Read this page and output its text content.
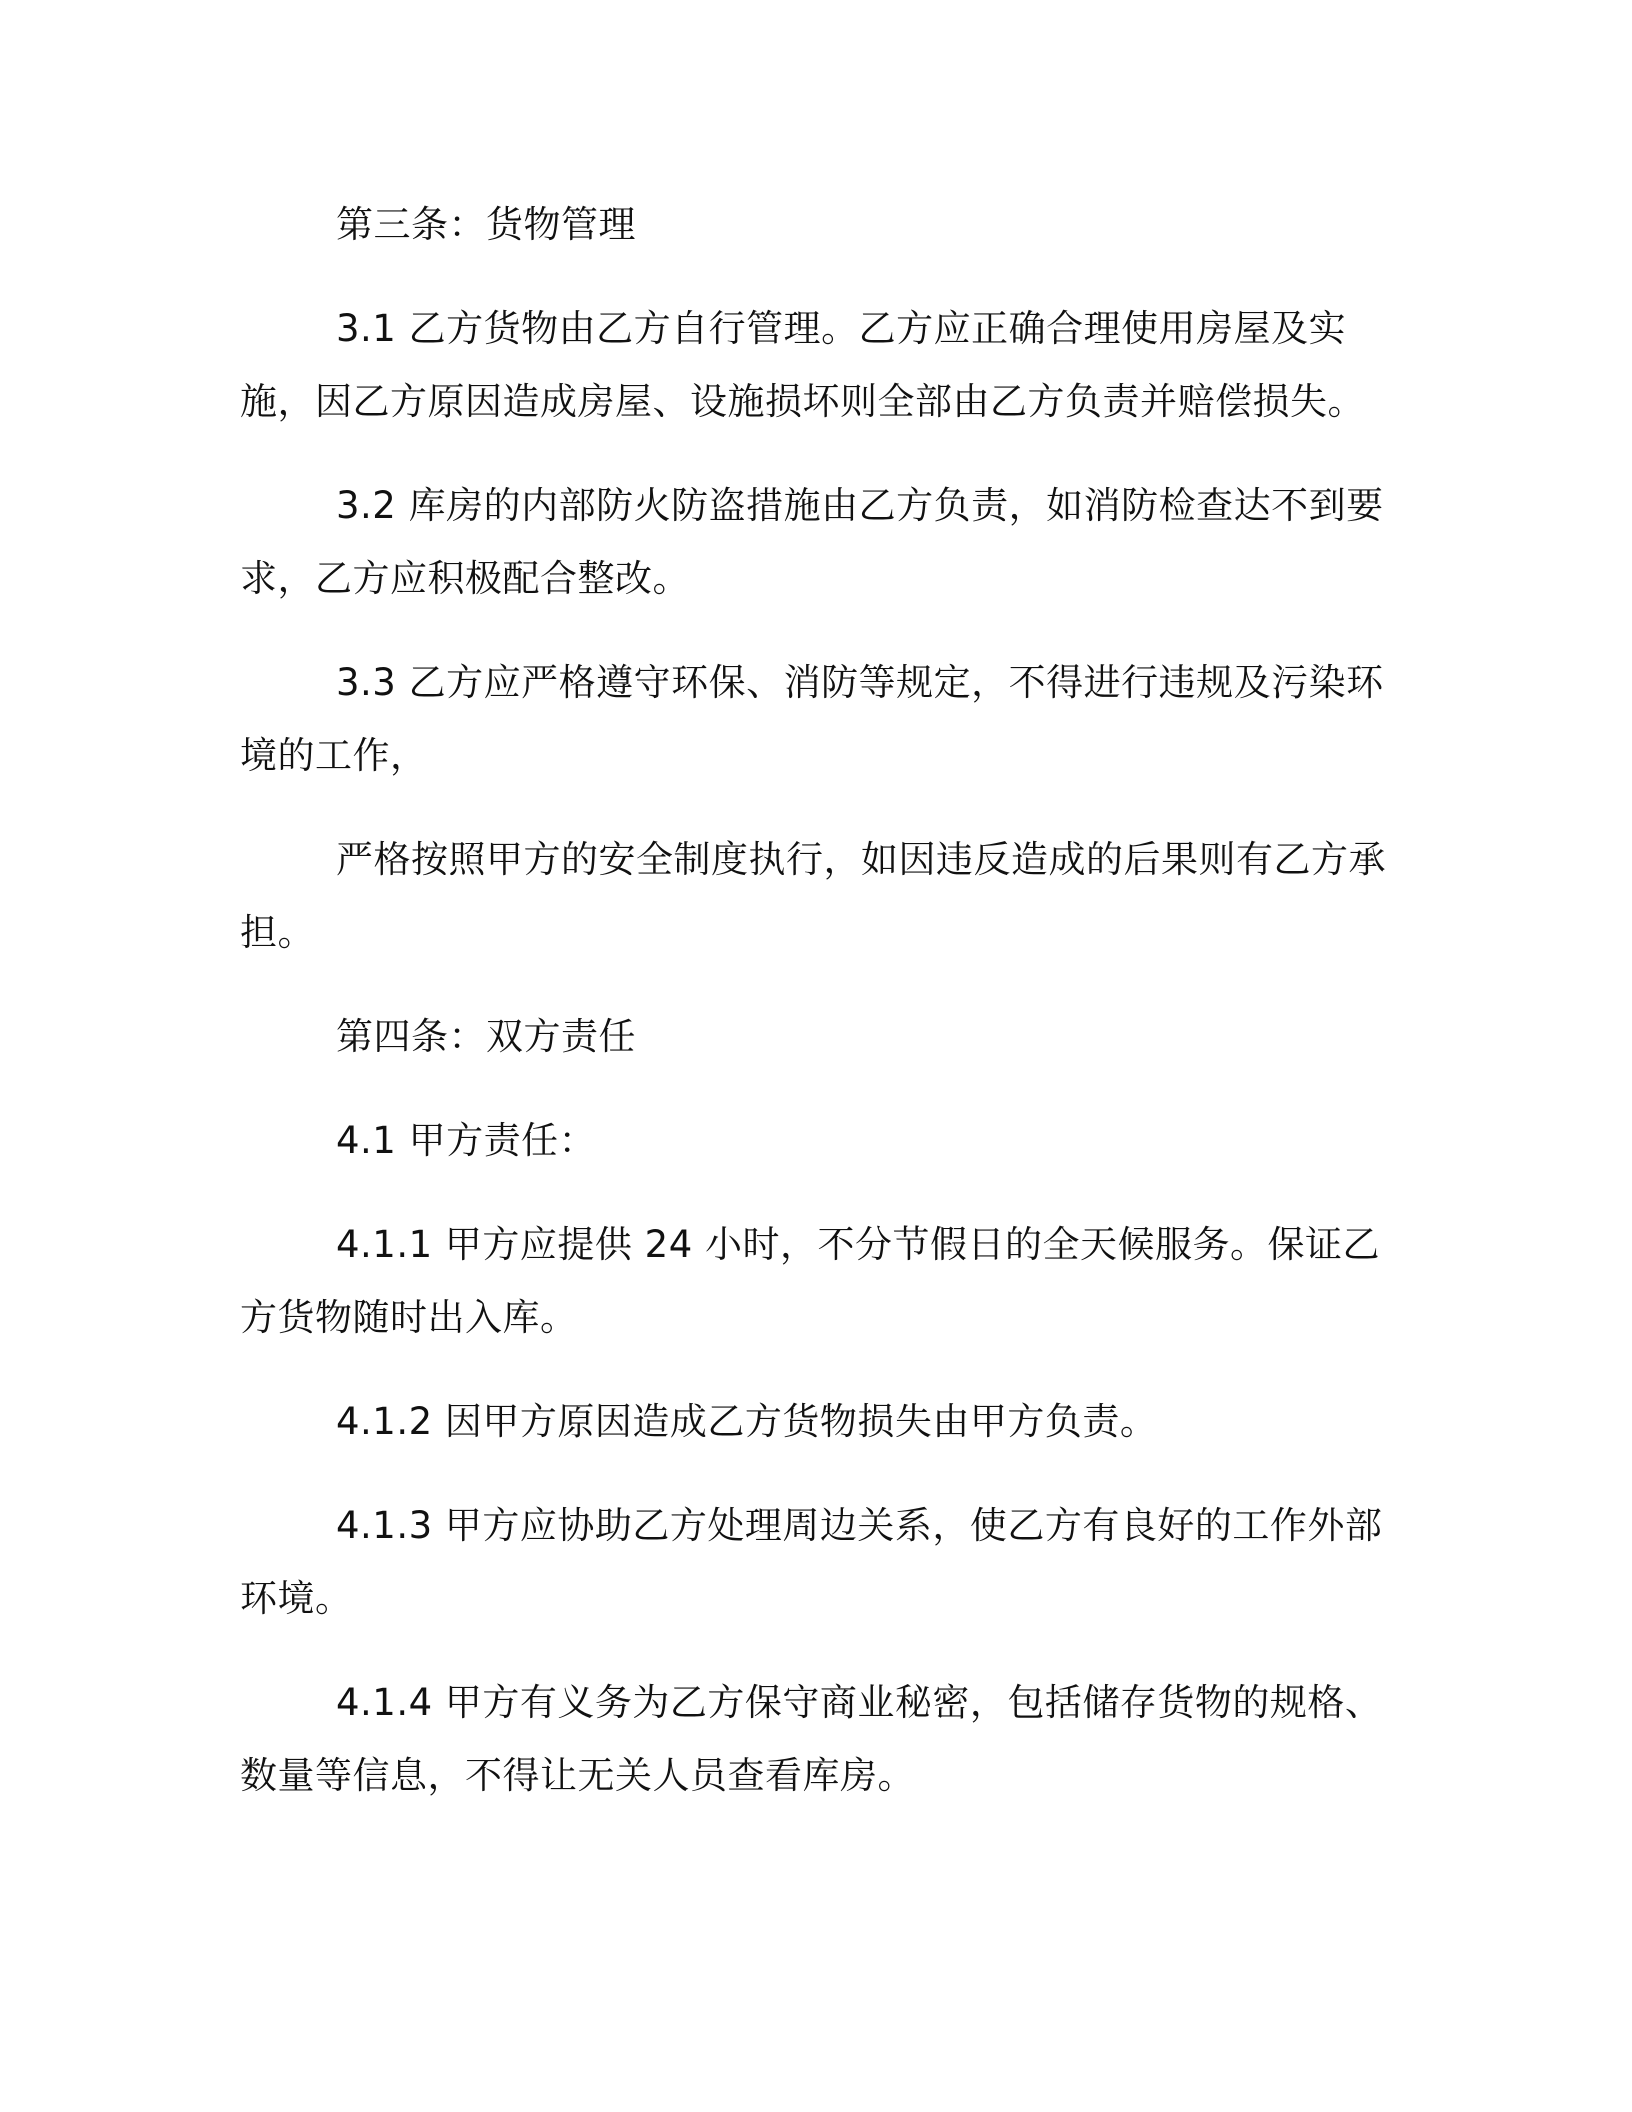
第三条：货物管理

3.1 乙方货物由乙方自行管理。乙方应正确合理使用房屋及实施，因乙方原因造成房屋、设施损坏则全部由乙方负责并赔偿损失。

3.2 库房的内部防火防盗措施由乙方负责，如消防检查达不到要求，乙方应积极配合整改。

3.3 乙方应严格遵守环保、消防等规定，不得进行违规及污染环境的工作，

严格按照甲方的安全制度执行，如因违反造成的后果则有乙方承担。

第四条：双方责任

4.1 甲方责任：

4.1.1 甲方应提供 24 小时，不分节假日的全天候服务。保证乙方货物随时出入库。

4.1.2 因甲方原因造成乙方货物损失由甲方负责。

4.1.3 甲方应协助乙方处理周边关系，使乙方有良好的工作外部环境。

4.1.4 甲方有义务为乙方保守商业秘密，包括储存货物的规格、数量等信息，不得让无关人员查看库房。
